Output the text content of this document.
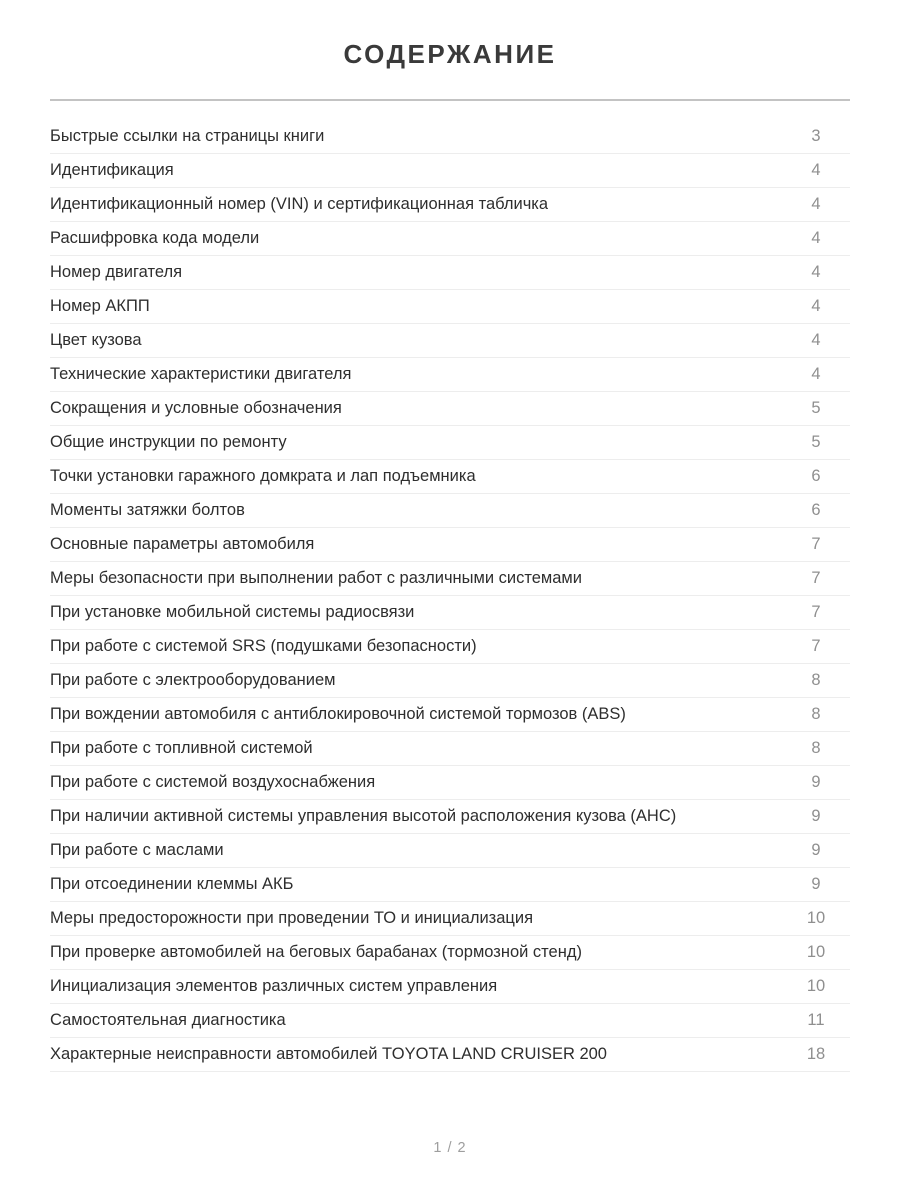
СОДЕРЖАНИЕ
Быстрые ссылки на страницы книги	3
Идентификация	4
Идентификационный номер (VIN) и сертификационная табличка	4
Расшифровка кода модели	4
Номер двигателя	4
Номер АКПП	4
Цвет кузова	4
Технические характеристики двигателя	4
Сокращения и условные обозначения	5
Общие инструкции по ремонту	5
Точки установки гаражного домкрата и лап подъемника	6
Моменты затяжки болтов	6
Основные параметры автомобиля	7
Меры безопасности при выполнении работ с различными системами	7
При установке мобильной системы радиосвязи	7
При работе с системой SRS (подушками безопасности)	7
При работе с электрооборудованием	8
При вождении автомобиля с антиблокировочной системой тормозов (ABS)	8
При работе с топливной системой	8
При работе с системой воздухоснабжения	9
При наличии активной системы управления высотой расположения кузова (AHC)	9
При работе с маслами	9
При отсоединении клеммы АКБ	9
Меры предосторожности при проведении ТО и инициализация	10
При проверке автомобилей на беговых барабанах (тормозной стенд)	10
Инициализация элементов различных систем управления	10
Самостоятельная диагностика	11
Характерные неисправности автомобилей TOYOTA LAND CRUISER 200	18
1 / 2
